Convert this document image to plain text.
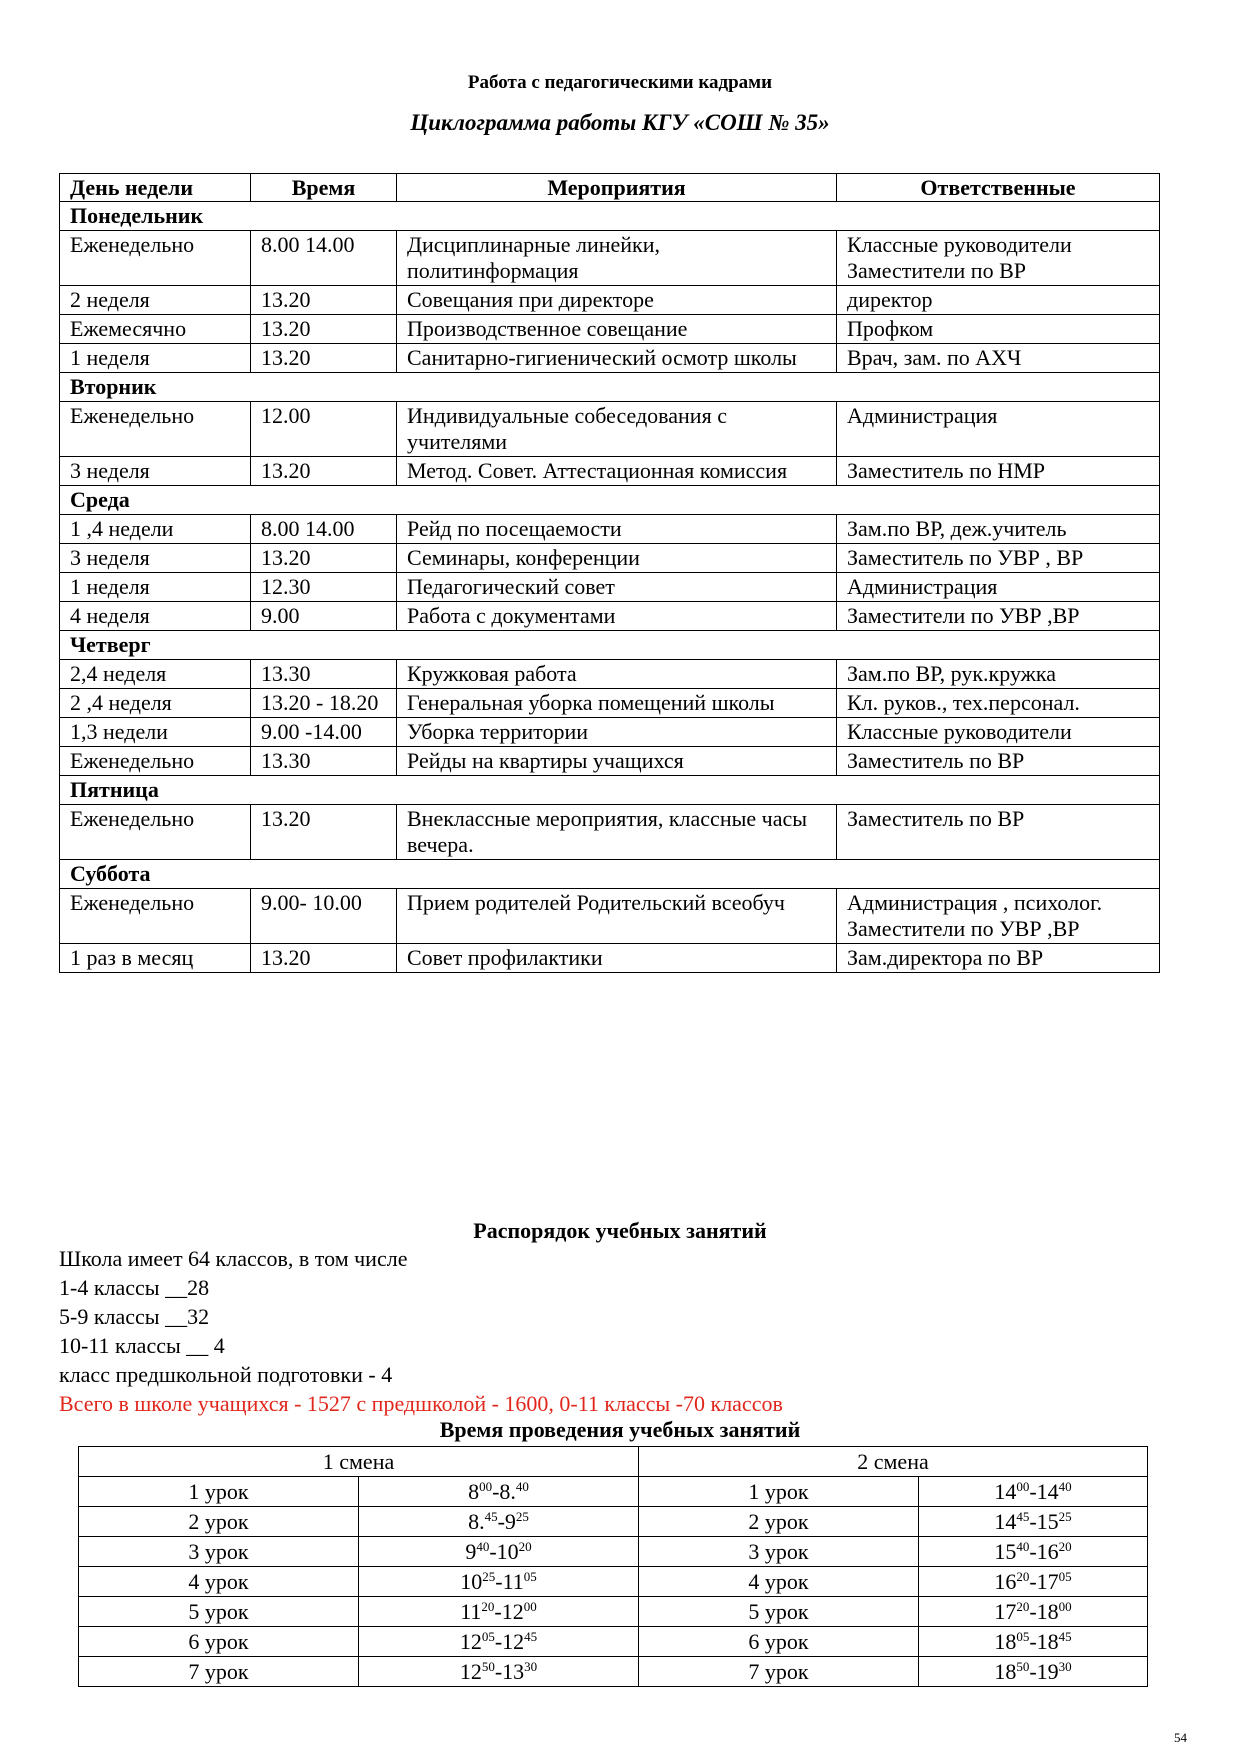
Работа с педагогическими кадрами
Циклограмма работы КГУ «СОШ № 35»
День недели	Время	Мероприятия	Ответственные
Понедельник			
Еженедельно	8.00 14.00	Дисциплинарные линейки, политинформация	Классные руководители Заместители по ВР
2 неделя	13.20	Совещания при директоре	директор
Ежемесячно	13.20	Производственное совещание	Профком
1 неделя	13.20	Санитарно-гигиенический осмотр школы	Врач, зам. по АХЧ
Вторник			
Еженедельно	12.00	Индивидуальные собеседования с учителями	Администрация
3 неделя	13.20	Метод. Совет. Аттестационная комиссия	Заместитель по НМР
Среда			
1 ,4 недели	8.00 14.00	Рейд по посещаемости	Зам.по ВР, деж.учитель
3 неделя	13.20	Семинары, конференции	Заместитель по УВР , ВР
1 неделя	12.30	Педагогический совет	Администрация
4 неделя	9.00	Работа с документами	Заместители по УВР ,ВР
Четверг			
2,4 неделя	13.30	Кружковая работа	Зам.по ВР, рук.кружка
2 ,4 неделя	13.20 - 18.20	Генеральная уборка помещений школы	Кл. руков., тех.персонал.
1,3 недели	9.00 -14.00	Уборка территории	Классные руководители
Еженедельно	13.30	Рейды на квартиры учащихся	Заместитель по ВР
Пятница			
Еженедельно	13.20	Внеклассные мероприятия, классные часы вечера.	Заместитель по ВР
Суббота			
Еженедельно	9.00- 10.00	Прием родителей Родительский всеобуч	Администрация , психолог. Заместители по УВР ,ВР
1 раз в месяц	13.20	Совет профилактики	Зам.директора по ВР
Распорядок учебных занятий
Школа имеет 64 классов, в том числе
1-4 классы __28
5-9 классы __32
10-11 классы __ 4
класс предшкольной подготовки - 4
Всего в школе учащихся - 1527 с предшколой - 1600, 0-11 классы -70 классов
Время проведения учебных занятий
1 смена		2 смена	
1 урок	$8^{00}-8.40$	1 урок	$14^{00}-14^{40}$
2 урок	$8.45-9^{25}$	2 урок	$14^{45}-15^{25}$
3 урок	$9^{40}-10^{20}$	3 урок	$15^{40}-16^{20}$
4 урок	$10^{25}-11^{05}$	4 урок	$16^{20}-17^{05}$
5 урок	$11^{20}-12^{00}$	5 урок	$17^{20}-18^{00}$
6 урок	$12^{05}-12^{45}$	6 урок	$18^{05}-18^{45}$
7 урок	$12^{50}-13^{30}$	7 урок	$18^{50}-19^{30}$
54
